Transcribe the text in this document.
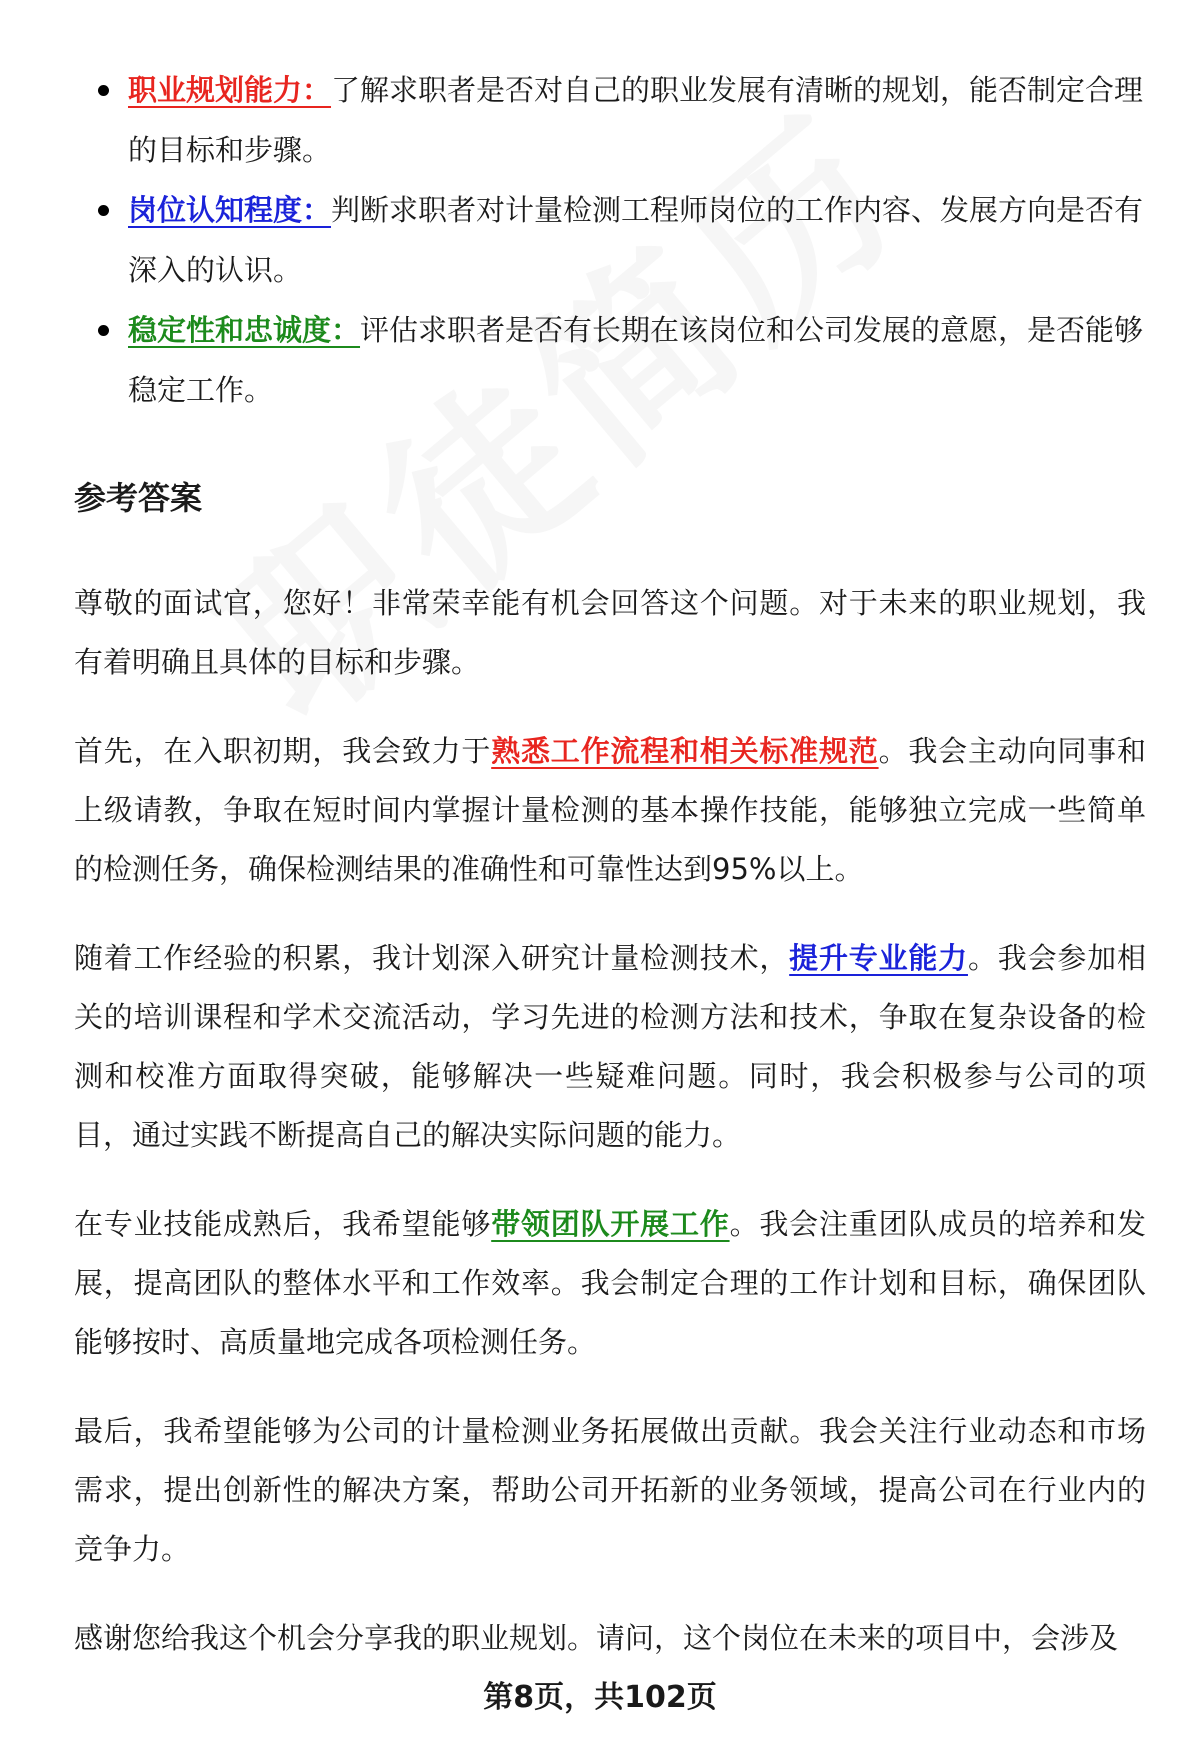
职业规划能力：了解求职者是否对自己的职业发展有清晰的规划，能否制定合理的目标和步骤。
岗位认知程度：判断求职者对计量检测工程师岗位的工作内容、发展方向是否有深入的认识。
稳定性和忠诚度：评估求职者是否有长期在该岗位和公司发展的意愿，是否能够稳定工作。
参考答案

尊敬的面试官，您好！非常荣幸能有机会回答这个问题。对于未来的职业规划，我有着明确且具体的目标和步骤。

首先，在入职初期，我会致力于熟悉工作流程和相关标准规范。我会主动向同事和上级请教，争取在短时间内掌握计量检测的基本操作技能，能够独立完成一些简单的检测任务，确保检测结果的准确性和可靠性达到95%以上。

随着工作经验的积累，我计划深入研究计量检测技术，提升专业能力。我会参加相关的培训课程和学术交流活动，学习先进的检测方法和技术，争取在复杂设备的检测和校准方面取得突破，能够解决一些疑难问题。同时，我会积极参与公司的项目，通过实践不断提高自己的解决实际问题的能力。

在专业技能成熟后，我希望能够带领团队开展工作。我会注重团队成员的培养和发展，提高团队的整体水平和工作效率。我会制定合理的工作计划和目标，确保团队能够按时、高质量地完成各项检测任务。

最后，我希望能够为公司的计量检测业务拓展做出贡献。我会关注行业动态和市场需求，提出创新性的解决方案，帮助公司开拓新的业务领域，提高公司在行业内的竞争力。

感谢您给我这个机会分享我的职业规划。请问，这个岗位在未来的项目中，会涉及

第8页，共102页
